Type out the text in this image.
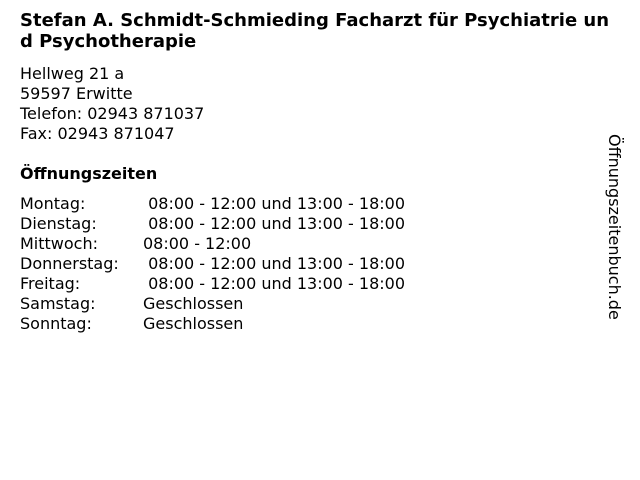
Stefan A. Schmidt-Schmieding Facharzt für Psychiatrie und Psychotherapie
Hellweg 21 a
59597 Erwitte
Telefon: 02943 871037
Fax: 02943 871047
Öffnungszeiten
Montag:	08:00 - 12:00 und 13:00 - 18:00
Dienstag:	08:00 - 12:00 und 13:00 - 18:00
Mittwoch:	08:00 - 12:00
Donnerstag:	08:00 - 12:00 und 13:00 - 18:00
Freitag:	08:00 - 12:00 und 13:00 - 18:00
Samstag:	Geschlossen
Sonntag:	Geschlossen
Öffnungszeitenbuch.de
